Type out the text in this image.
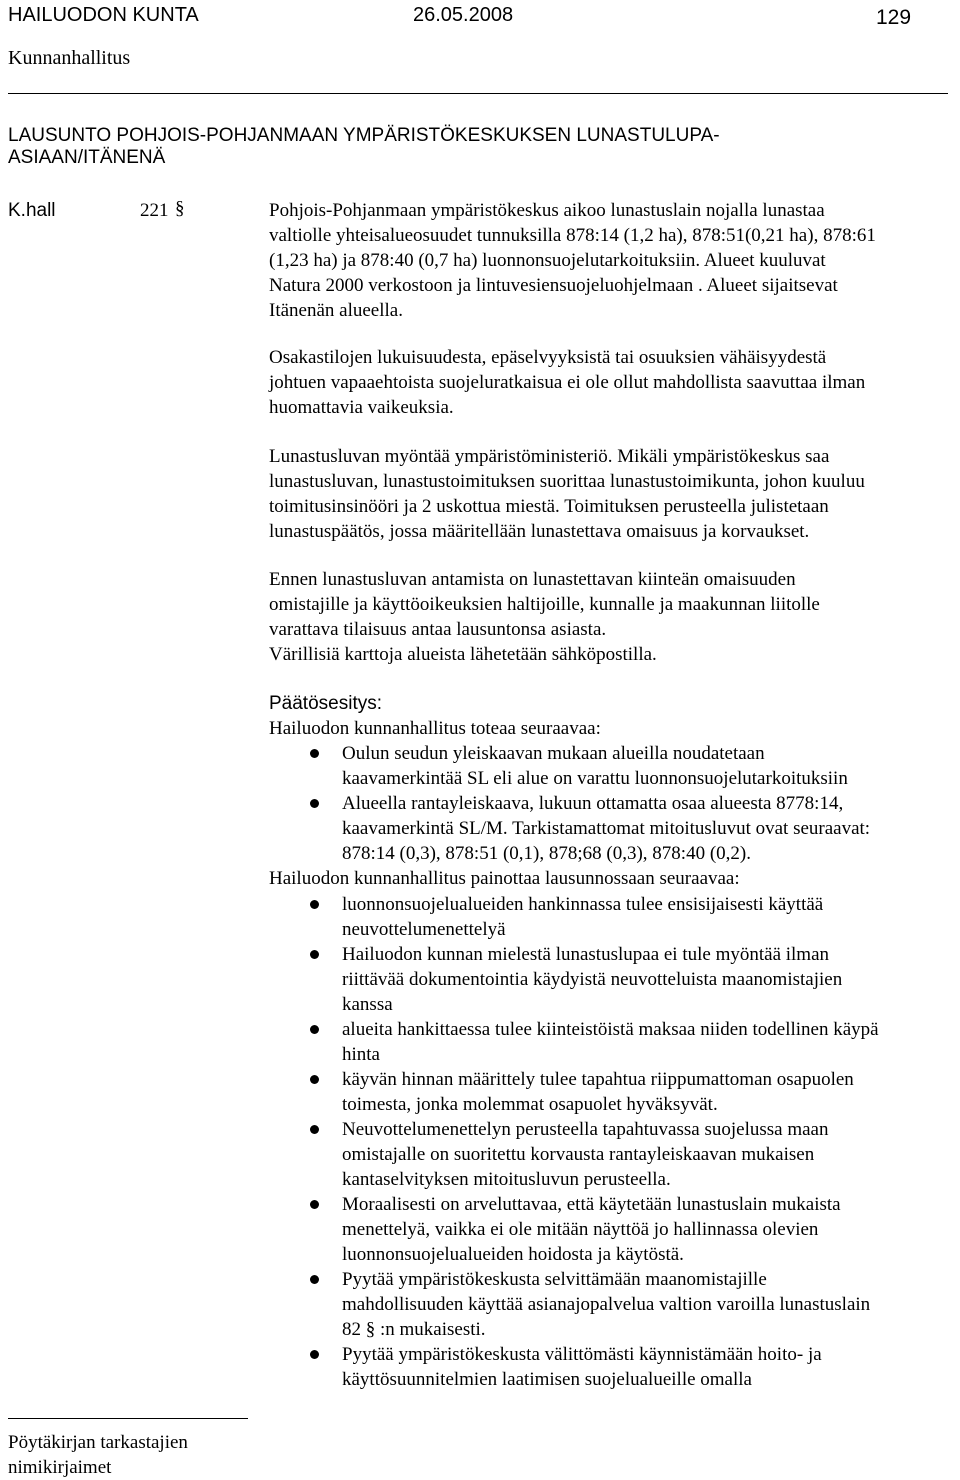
HAILUODON KUNTA	26.05.2008	129
Kunnanhallitus
LAUSUNTO POHJOIS-POHJANMAAN YMPÄRISTÖKESKUKSEN LUNASTULUPA-
ASIAAN/ITÄNENÄ
K.hall	221 §	Pohjois-Pohjanmaan ympäristökeskus aikoo lunastuslain nojalla lunastaa
valtiolle yhteisalueosuudet tunnuksilla 878:14 (1,2 ha), 878:51(0,21 ha), 878:61
(1,23 ha) ja 878:40 (0,7 ha) luonnonsuojelutarkoituksiin. Alueet kuuluvat
Natura 2000 verkostoon ja lintuvesiensuojeluohjelmaan . Alueet sijaitsevat
Itänenän alueella.
Osakastilojen lukuisuudesta, epäselvyyksistä tai osuuksien vähäisyydestä
johtuen vapaaehtoista suojeluratkaisua ei ole ollut mahdollista saavuttaa ilman
huomattavia vaikeuksia.
Lunastusluvan myöntää ympäristöministeriö. Mikäli ympäristökeskus saa
lunastusluvan, lunastustoimituksen suorittaa lunastustoimikunta, johon kuuluu
toimitusinsinööri ja 2 uskottua miestä. Toimituksen perusteella julistetaan
lunastuspäätös, jossa määritellään lunastettava omaisuus ja korvaukset.
Ennen lunastusluvan antamista on lunastettavan kiinteän omaisuuden
omistajille ja käyttöoikeuksien haltijoille, kunnalle ja maakunnan liitolle
varattava tilaisuus antaa lausuntonsa asiasta.
Värillisiä karttoja alueista lähetetään sähköpostilla.
Päätösesitys:
Hailuodon kunnanhallitus toteaa seuraavaa:
Oulun seudun yleiskaavan mukaan alueilla noudatetaan
kaavamerkintää SL eli alue on varattu luonnonsuojelutarkoituksiin
Alueella rantayleiskaava, lukuun ottamatta osaa alueesta 8778:14,
kaavamerkintä SL/M. Tarkistamattomat mitoitusluvut ovat seuraavat:
878:14 (0,3), 878:51 (0,1), 878;68 (0,3), 878:40 (0,2).
Hailuodon kunnanhallitus painottaa lausunnossaan seuraavaa:
luonnonsuojelualueiden hankinnassa tulee ensisijaisesti käyttää
neuvottelumenettelyä
Hailuodon kunnan mielestä lunastuslupaa ei tule myöntää ilman
riittävää dokumentointia käydyistä neuvotteluista maanomistajien
kanssa
alueita hankittaessa tulee kiinteistöistä maksaa niiden todellinen käypä
hinta
käyvän hinnan määrittely tulee tapahtua riippumattoman osapuolen
toimesta, jonka molemmat osapuolet hyväksyvät.
Neuvottelumenettelyn perusteella tapahtuvassa suojelussa maan
omistajalle on suoritettu korvausta rantayleiskaavan mukaisen
kantaselvityksen mitoitusluvun perusteella.
Moraalisesti on arveluttavaa, että käytetään lunastuslain mukaista
menettelyä, vaikka ei ole mitään näyttöä jo hallinnassa olevien
luonnonsuojelualueiden hoidosta ja käytöstä.
Pyytää ympäristökeskusta selvittämään maanomistajille
mahdollisuuden käyttää asianajopalvelua valtion varoilla lunastuslain
82 § :n mukaisesti.
Pyytää ympäristökeskusta välittömästi käynnistämään hoito- ja
käyttösuunnitelmien laatimisen suojelualueille omalla
Pöytäkirjan tarkastajien
nimikirjaimet
